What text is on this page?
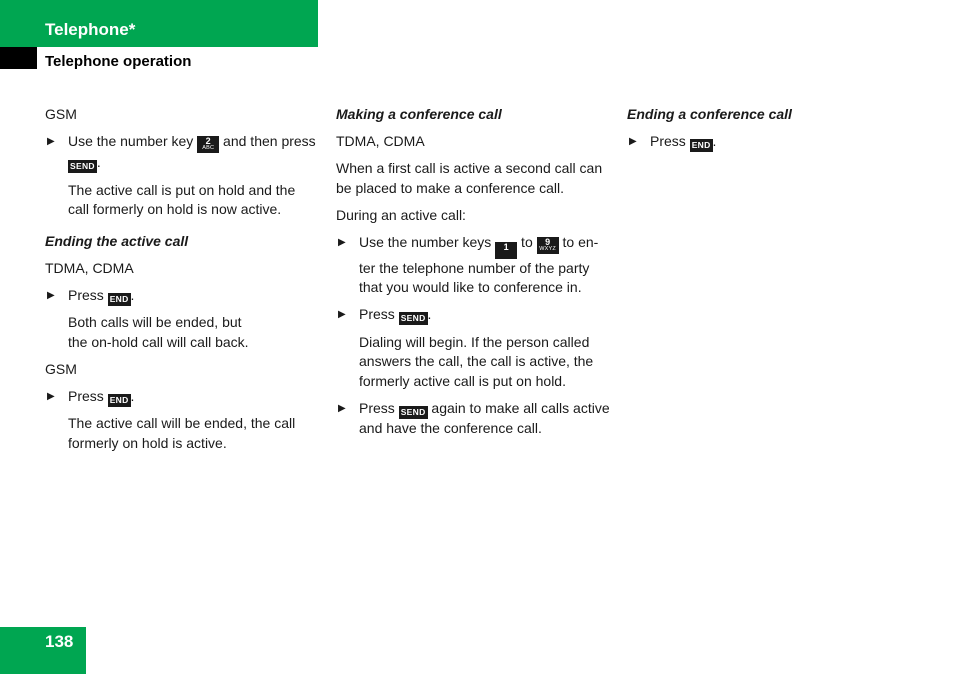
Telephone*
Telephone operation

GSM

▶ Use the number key 2
ABC and then press SEND .

The active call is put on hold and the call formerly on hold is now active.

Ending the active call

TDMA, CDMA

▶ Press END .

Both calls will be ended, but
the on-hold call will call back.

GSM

▶ Press END .

The active call will be ended, the call formerly on hold is active.

Making a conference call

TDMA, CDMA

When a first call is active a second call can be placed to make a conference call.

During an active call:

▶ Use the number keys 1 to 9
WXYZ to en-ter the telephone number of the party that you would like to conference in.
▶ Press SEND .

Dialing will begin. If the person called answers the call, the call is active, the formerly active call is put on hold.

▶ Press SEND again to make all calls active and have the conference call.

Ending a conference call

▶ Press END .
138
